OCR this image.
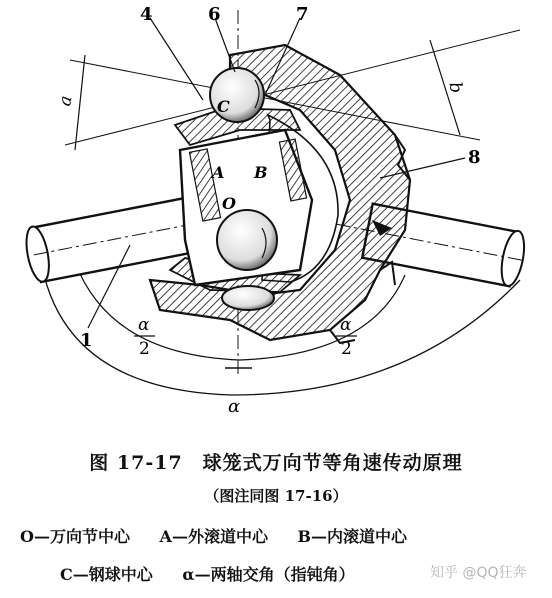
4	6	7
8
1
C
A B
O
a
b
α
2
α
2
α
图 17-17　球笼式万向节等角速传动原理
（图注同图 17-16）
O—万向节中心 A—外滚道中心 B—内滚道中心
C—钢球中心 α—两轴交角（指钝角）	知乎 @QQ狂奔
